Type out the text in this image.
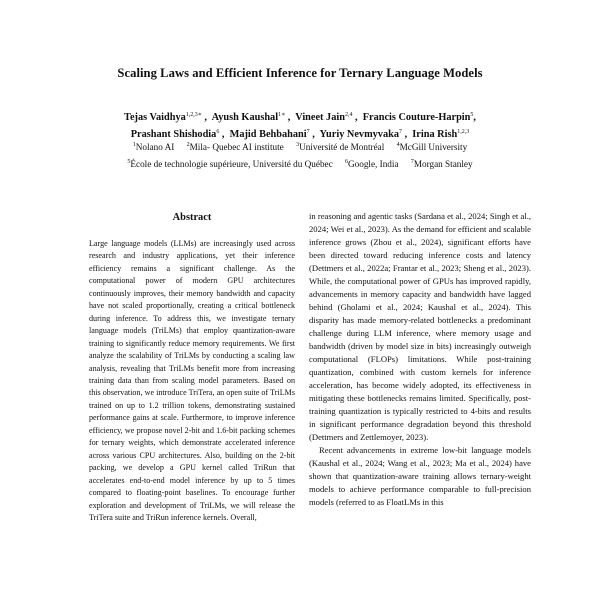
Scaling Laws and Efficient Inference for Ternary Language Models
Tejas Vaidhya$^{1,2,3∗}$ ,  Ayush Kaushal$^{1∗}$ ,  Vineet Jain$^{2,4}$ ,  Francis Couture-Harpin$^5$,
Prashant Shishodia$^6$ ,  Majid Behbahani$^7$ ,  Yuriy Nevmyvaka$^7$ ,  Irina Rish$^{1,2,3}$
$^1$Nolano AI $^2$Mila- Quebec AI institute $^3$Université de Montréal $^4$McGill University
$^5$École de technologie supérieure, Université du Québec $^6$Google, India $^7$Morgan Stanley
Abstract
Large language models (LLMs) are increasingly used across research and industry applications, yet their inference efficiency remains a significant challenge. As the computational power of modern GPU architectures continuously improves, their memory bandwidth and capacity have not scaled proportionally, creating a critical bottleneck during inference. To address this, we investigate ternary language models (TriLMs) that employ quantization-aware training to significantly reduce memory requirements. We first analyze the scalability of TriLMs by conducting a scaling law analysis, revealing that TriLMs benefit more from increasing training data than from scaling model parameters. Based on this observation, we introduce TriTera, an open suite of TriLMs trained on up to 1.2 trillion tokens, demonstrating sustained performance gains at scale. Furthermore, to improve inference efficiency, we propose novel 2-bit and 1.6-bit packing schemes for ternary weights, which demonstrate accelerated inference across various CPU architectures. Also, building on the 2-bit packing, we develop a GPU kernel called TriRun that accelerates end-to-end model inference by up to 5 times compared to floating-point baselines. To encourage further exploration and development of TriLMs, we will release the TriTera suite and TriRun inference kernels. Overall,

in reasoning and agentic tasks (Sardana et al., 2024; Singh et al., 2024; Wei et al., 2023). As the demand for efficient and scalable inference grows (Zhou et al., 2024), significant efforts have been directed toward reducing inference costs and latency (Dettmers et al., 2022a; Frantar et al., 2023; Sheng et al., 2023). While, the computational power of GPUs has improved rapidly, advancements in memory capacity and bandwidth have lagged behind (Gholami et al., 2024; Kaushal et al., 2024). This disparity has made memory-related bottlenecks a predominant challenge during LLM inference, where memory usage and bandwidth (driven by model size in bits) increasingly outweigh computational (FLOPs) limitations. While post-training quantization, combined with custom kernels for inference acceleration, has become widely adopted, its effectiveness in mitigating these bottlenecks remains limited. Specifically, post-training quantization is typically restricted to 4-bits and results in significant performance degradation beyond this threshold (Dettmers and Zettlemoyer, 2023).

Recent advancements in extreme low-bit language models (Kaushal et al., 2024; Wang et al., 2023; Ma et al., 2024) have shown that quantization-aware training allows ternary-weight models to achieve performance comparable to full-precision models (referred to as FloatLMs in this
